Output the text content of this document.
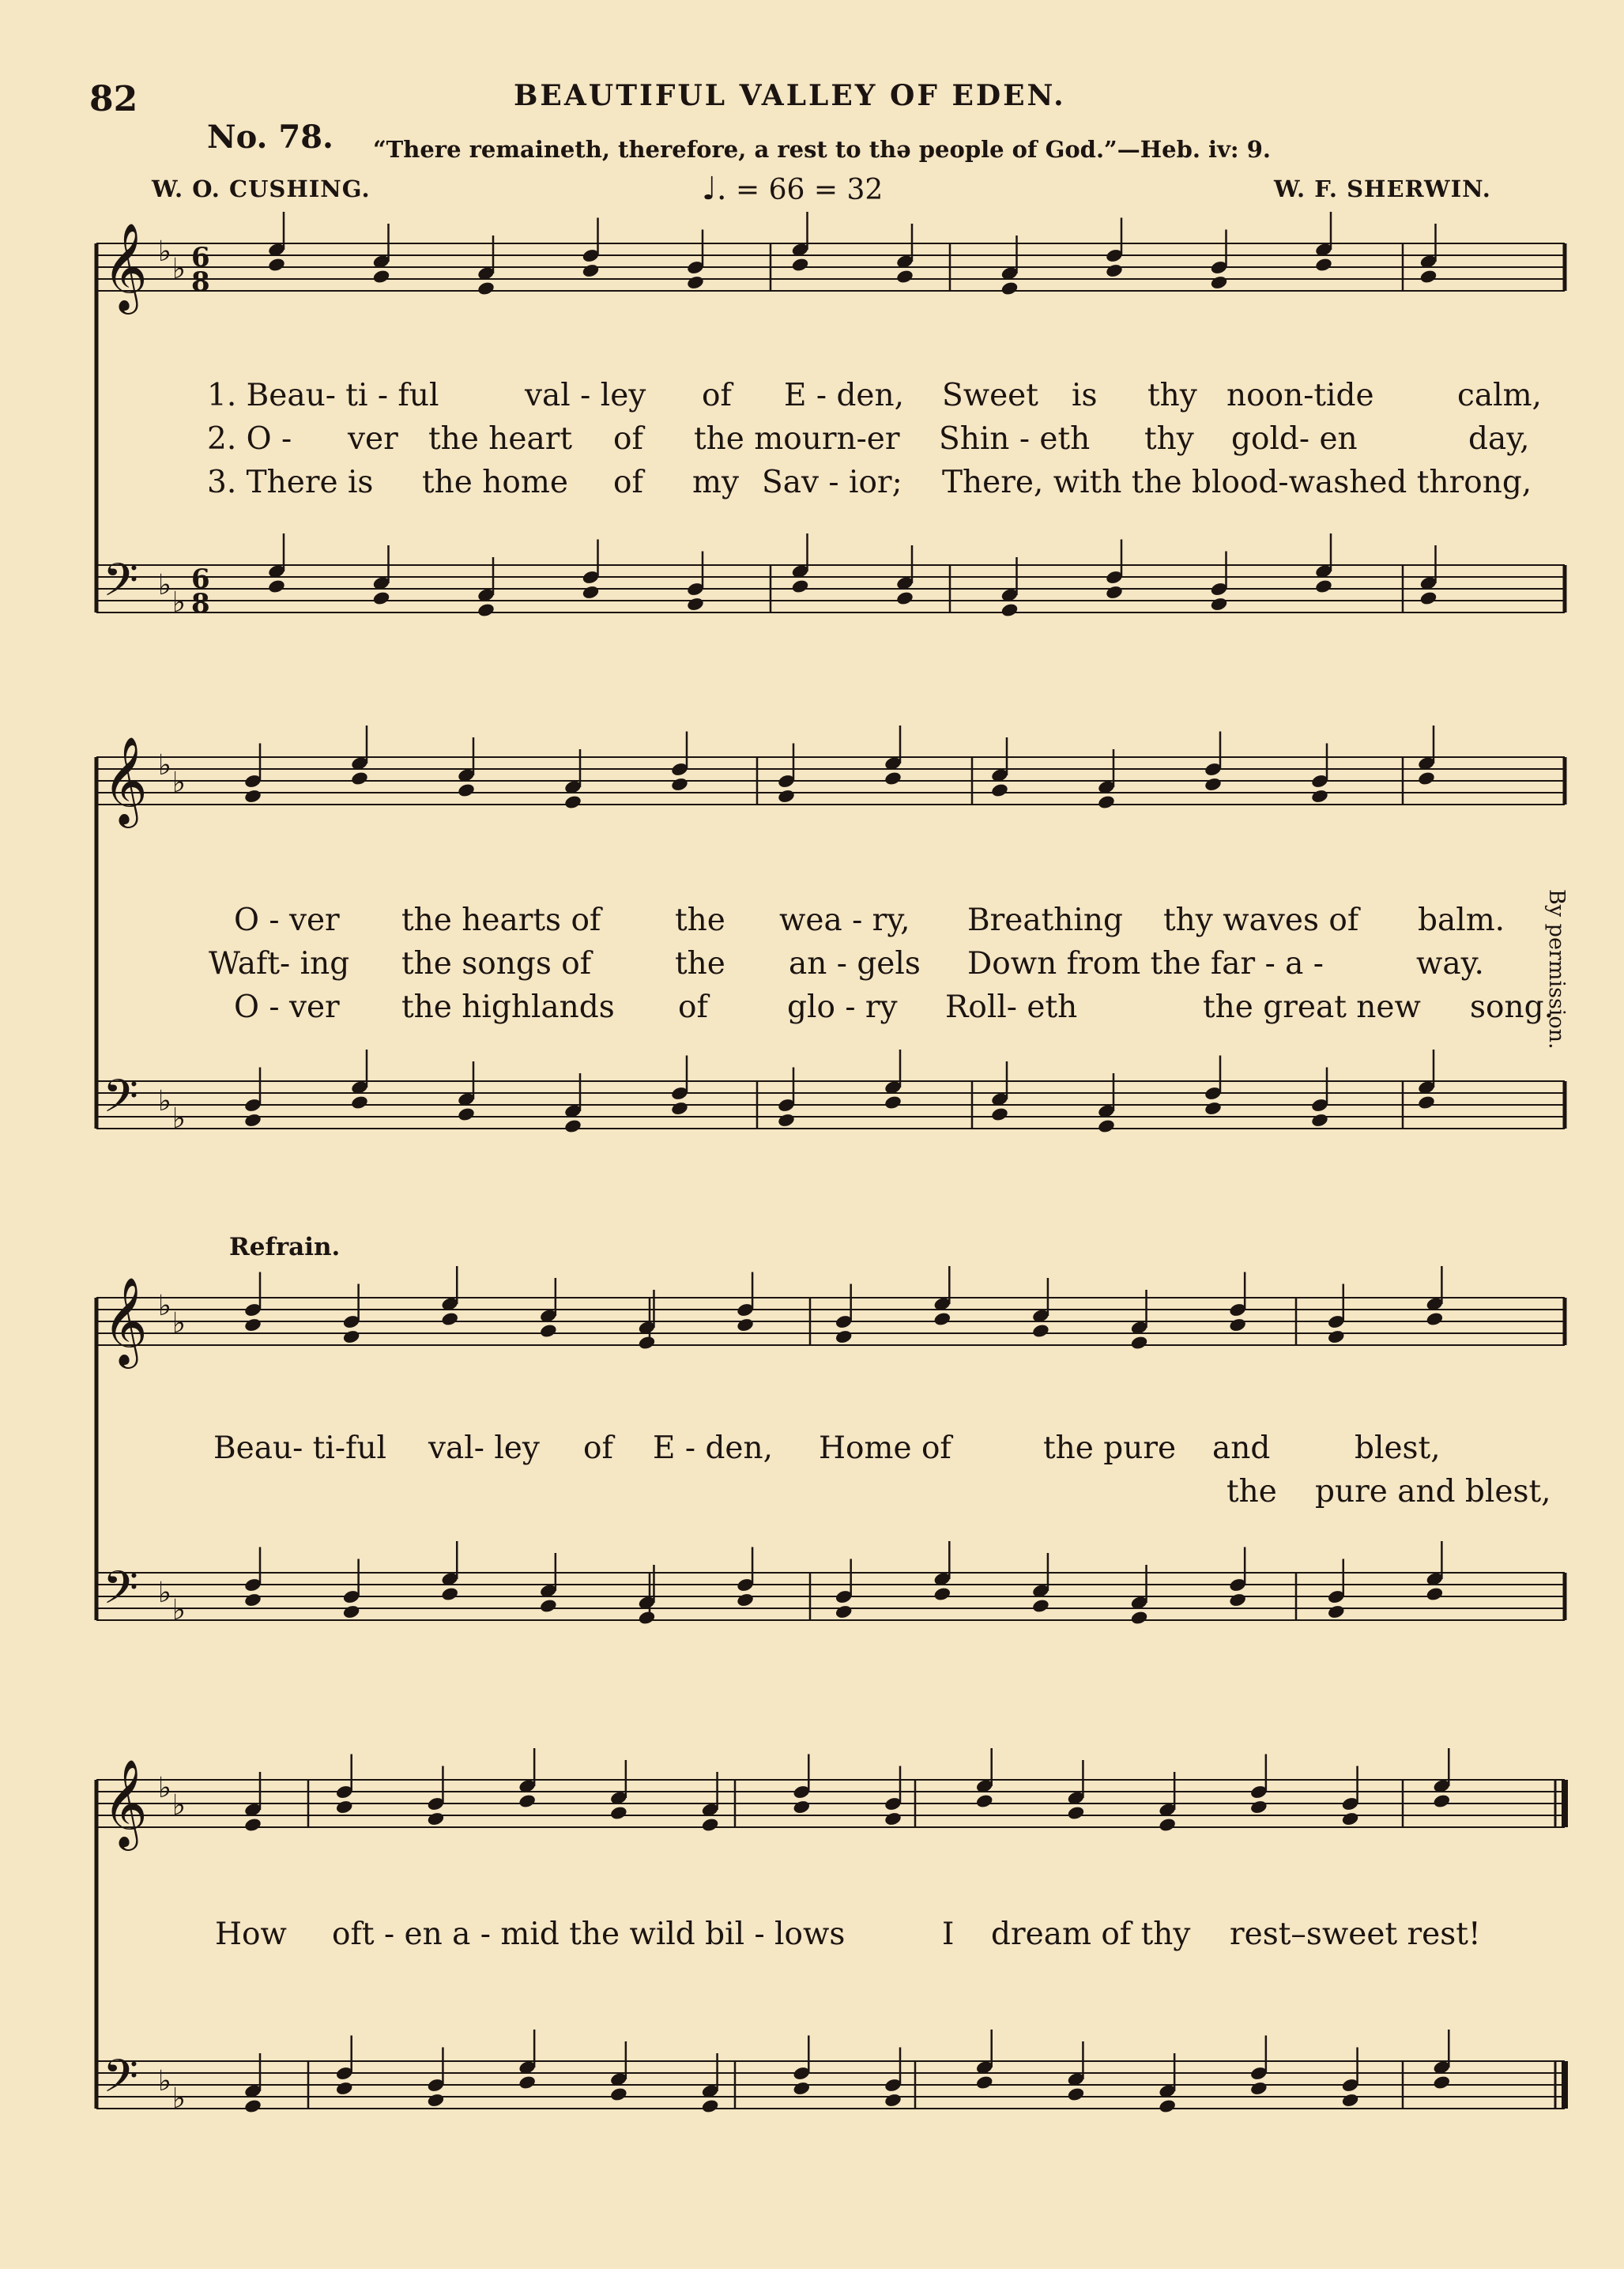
82	BEAUTIFUL VALLEY OF EDEN.
No. 78. “There remaineth, therefore, a rest to thə people of God.”—Heb. iv: 9.
W. O. CUSHING.	W. F. SHERWIN.
♩. = 66 = 32
Refrain.
By permission.
1. Beau- ti - ful	val - ley of E - den, Sweet is thy noon-tide	calm,
2. O - ver the heart of the mourn-er Shin - eth thy gold- en	day,
3. There is the home of my Sav - ior; There, with the blood-washed throng,
O - ver the hearts of the wea - ry, Breathing thy waves of balm.
Waft- ing the songs of	the an - gels Down from the far - a -	way.
O - ver the highlands of	glo - ry Roll- eth	the great new song.
Beau- ti-ful val- ley of E - den, Home of	the pure and	blest,
the pure and blest,
How oft - en a - mid the wild bil - lows	I dream of thy rest–sweet rest!
𝄞 ♭
♭ 6
8
𝄢 ♭
♭
6
8
𝄞 ♭
♭
𝄢 ♭
♭
𝄞 ♭
♭
𝄢 ♭
♭
𝄞 ♭
♭
𝄢 ♭
♭
